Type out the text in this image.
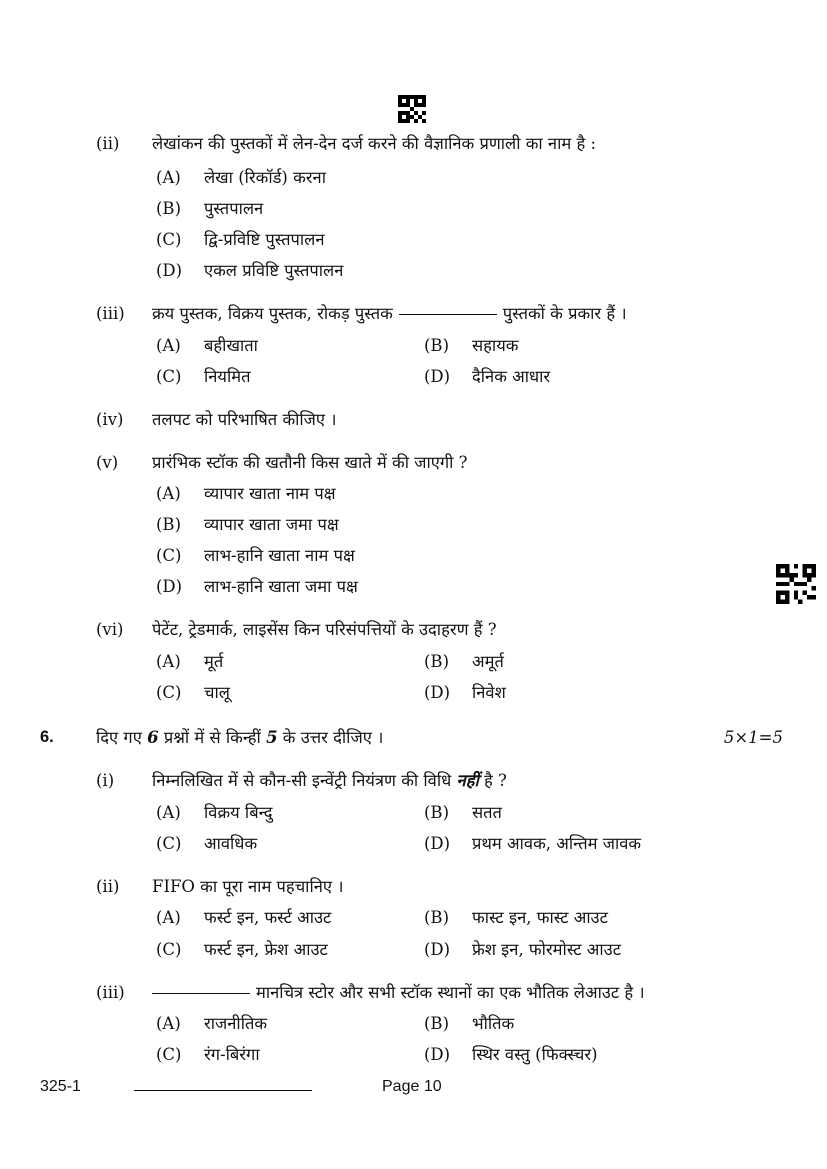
(ii) लेखांकन की पुस्तकों में लेन-देन दर्ज करने की वैज्ञानिक प्रणाली का नाम है :
(A) लेखा (रिकॉर्ड) करना
(B) पुस्तपालन
(C) द्वि-प्रविष्टि पुस्तपालन
(D) एकल प्रविष्टि पुस्तपालन
(iii) क्रय पुस्तक, विक्रय पुस्तक, रोकड़ पुस्तक	पुस्तकों के प्रकार हैं ।
(A) बहीखाता	(B) सहायक
(C) नियमित	(D) दैनिक आधार
(iv) तलपट को परिभाषित कीजिए ।
(v) प्रारंभिक स्टॉक की खतौनी किस खाते में की जाएगी ?
(A) व्यापार खाता नाम पक्ष
(B) व्यापार खाता जमा पक्ष
(C) लाभ-हानि खाता नाम पक्ष
(D) लाभ-हानि खाता जमा पक्ष
(vi) पेटेंट, ट्रेडमार्क, लाइसेंस किन परिसंपत्तियों के उदाहरण हैं ?
(A) मूर्त	(B) अमूर्त
(C) चालू	(D) निवेश
6.	दिए गए 6 प्रश्नों में से किन्हीं 5 के उत्तर दीजिए ।	5×1=5
(i) निम्नलिखित में से कौन-सी इन्वेंट्री नियंत्रण की विधि नहीं है ?
(A) विक्रय बिन्दु	(B) सतत
(C) आवधिक	(D) प्रथम आवक, अन्तिम जावक
(ii) FIFO का पूरा नाम पहचानिए ।
(A) फर्स्ट इन, फर्स्ट आउट	(B) फास्ट इन, फास्ट आउट
(C) फर्स्ट इन, फ्रेश आउट	(D) फ्रेश इन, फोरमोस्ट आउट
(iii)	मानचित्र स्टोर और सभी स्टॉक स्थानों का एक भौतिक लेआउट है ।
(A) राजनीतिक	(B) भौतिक
(C) रंग-बिरंगा	(D) स्थिर वस्तु (फिक्स्चर)
325-1	Page 10
